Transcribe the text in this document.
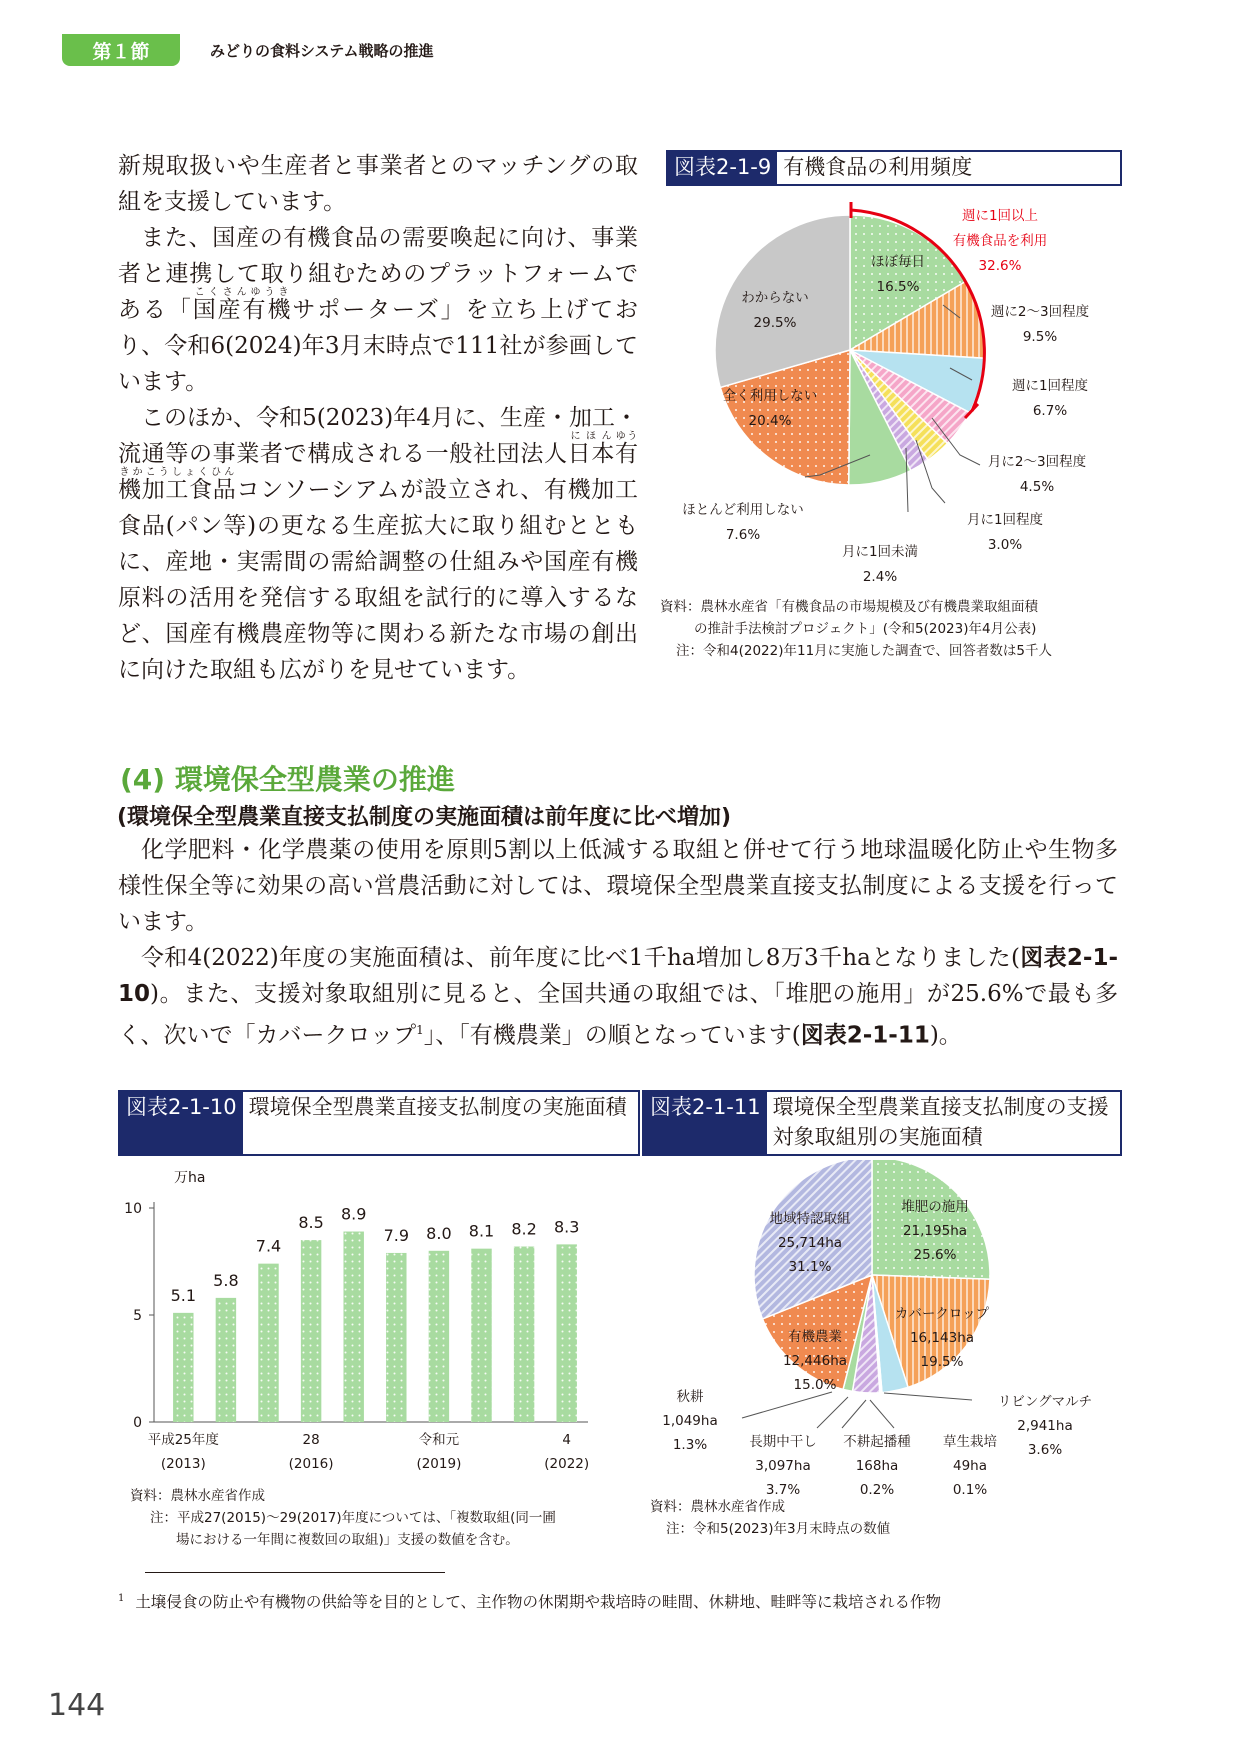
第１節	みどりの食料システム戦略の推進

新規取扱いや生産者と事業者とのマッチングの取組を支援しています。

また、国産の有機食品の需要喚起に向け、事業者と連携して取り組むためのプラットフォームである「国産有機こくさんゆうきサポーターズ」を立ち上げており、令和6(2024)年3月末時点で111社が参画しています。

このほか、令和5(2023)年4月に、生産・加工・流通等の事業者で構成される一般社団法人日本にほん有機加工食品ゆうきかこうしょくひんコンソーシアムが設立され、有機加工食品(パン等)の更なる生産拡大に取り組むとともに、産地・実需間の需給調整の仕組みや国産有機原料の活用を発信する取組を試行的に導入するなど、国産有機農産物等に関わる新たな市場の創出に向けた取組も広がりを見せています。

図表2-1-9 有機食品の利用頻度
週に1回以上
有機食品を利用
32.6%
ほぼ毎日
16.5%
週に2～3回程度
9.5%
週に1回程度
6.7%
月に2～3回程度
4.5%
月に1回程度
3.0%
月に1回未満
2.4%
ほとんど利用しない
7.6%
全く利用しない
20.4%
わからない
29.5%
資料：農林水産省「有機食品の市場規模及び有機農業取組面積
の推計手法検討プロジェクト」(令和5(2023)年4月公表)
注：令和4(2022)年11月に実施した調査で、回答者数は5千人
(4) 環境保全型農業の推進
(環境保全型農業直接支払制度の実施面積は前年度に比べ増加)

化学肥料・化学農薬の使用を原則5割以上低減する取組と併せて行う地球温暖化防止や生物多様性保全等に効果の高い営農活動に対しては、環境保全型農業直接支払制度による支援を行っています。

令和4(2022)年度の実施面積は、前年度に比べ1千ha増加し8万3千haとなりました(図表2-1-10)。また、支援対象取組別に見ると、全国共通の取組では、「堆肥の施用」が25.6%で最も多く、次いで「カバークロップ$^1$」、「有機農業」の順となっています(図表2-1-11)。

図表2-1-10 環境保全型農業直接支払制度の実施面積
万ha
0
5
10
5.1
5.8
7.4
8.5 8.9
7.9 8.0 8.1 8.2 8.3
平成25年度
(2013)
28
(2016)
令和元
(2019)
4
(2022)
資料：農林水産省作成
注：平成27(2015)～29(2017)年度については、「複数取組(同一圃
場における一年間に複数回の取組)」支援の数値を含む。
図表2-1-11 環境保全型農業直接支払制度の支援対象取組別の実施面積
堆肥の施用
21,195ha
25.6%
カバークロップ
16,143ha
19.5%
リビングマルチ
2,941ha
3.6%
草生栽培
49ha
0.1%
不耕起播種
168ha
0.2%
長期中干し
3,097ha
3.7%
秋耕
1,049ha
1.3%
有機農業
12,446ha
15.0%
地域特認取組
25,714ha
31.1%
資料：農林水産省作成
注：令和5(2023)年3月末時点の数値
$^1$ 土壌侵食の防止や有機物の供給等を目的として、主作物の休閑期や栽培時の畦間、休耕地、畦畔等に栽培される作物
144
